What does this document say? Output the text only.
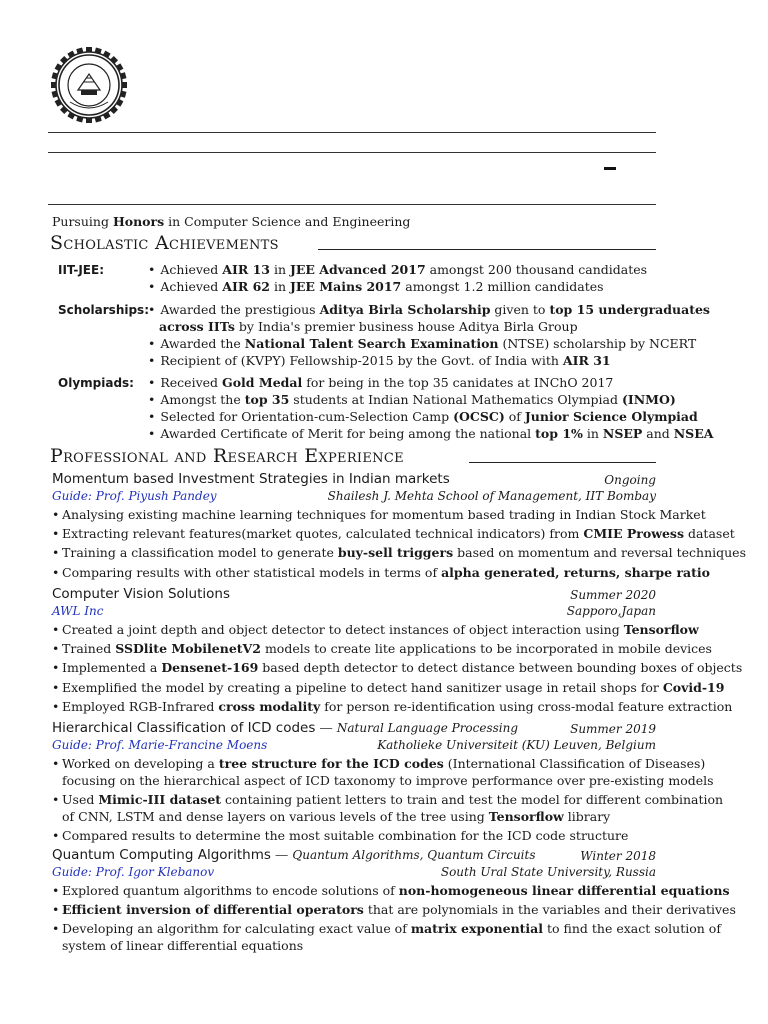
Pursuing Honors in Computer Science and Engineering
Scholastic Achievements
IIT-JEE:	• Achieved AIR 13 in JEE Advanced 2017 amongst 200 thousand candidates
• Achieved AIR 62 in JEE Mains 2017 amongst 1.2 million candidates
Scholarships:
• Awarded the prestigious Aditya Birla Scholarship given to top 15 undergraduates
across IITs by India's premier business house Aditya Birla Group
• Awarded the National Talent Search Examination (NTSE) scholarship by NCERT
• Recipient of (KVPY) Fellowship-2015 by the Govt. of India with AIR 31
Olympiads: • Received Gold Medal for being in the top 35 canidates at INChO 2017
• Amongst the top 35 students at Indian National Mathematics Olympiad (INMO)
• Selected for Orientation-cum-Selection Camp (OCSC) of Junior Science Olympiad
• Awarded Certificate of Merit for being among the national top 1% in NSEP and NSEA
Professional and Research Experience
Momentum based Investment Strategies in Indian markets	Ongoing
Guide: Prof. Piyush Pandey	Shailesh J. Mehta School of Management, IIT Bombay
• Analysing existing machine learning techniques for momentum based trading in Indian Stock Market
• Extracting relevant features(market quotes, calculated technical indicators) from CMIE Prowess dataset
• Training a classification model to generate buy-sell triggers based on momentum and reversal techniques
• Comparing results with other statistical models in terms of alpha generated, returns, sharpe ratio
Computer Vision Solutions	Summer 2020
AWL Inc	Sapporo,Japan
• Created a joint depth and object detector to detect instances of object interaction using Tensorflow
• Trained SSDlite MobilenetV2 models to create lite applications to be incorporated in mobile devices
• Implemented a Densenet-169 based depth detector to detect distance between bounding boxes of objects
• Exemplified the model by creating a pipeline to detect hand sanitizer usage in retail shops for Covid-19
• Employed RGB-Infrared cross modality for person re-identification using cross-modal feature extraction
Hierarchical Classification of ICD codes — Natural Language Processing	Summer 2019
Guide: Prof. Marie-Francine Moens	Katholieke Universiteit (KU) Leuven, Belgium
• Worked on developing a tree structure for the ICD codes (International Classification of Diseases)
focusing on the hierarchical aspect of ICD taxonomy to improve performance over pre-existing models
• Used Mimic-III dataset containing patient letters to train and test the model for different combination
of CNN, LSTM and dense layers on various levels of the tree using Tensorflow library
• Compared results to determine the most suitable combination for the ICD code structure
Quantum Computing Algorithms — Quantum Algorithms, Quantum Circuits	Winter 2018
Guide: Prof. Igor Klebanov	South Ural State University, Russia
• Explored quantum algorithms to encode solutions of non-homogeneous linear differential equations
• Efficient inversion of differential operators that are polynomials in the variables and their derivatives
• Developing an algorithm for calculating exact value of matrix exponential to find the exact solution of
system of linear differential equations
